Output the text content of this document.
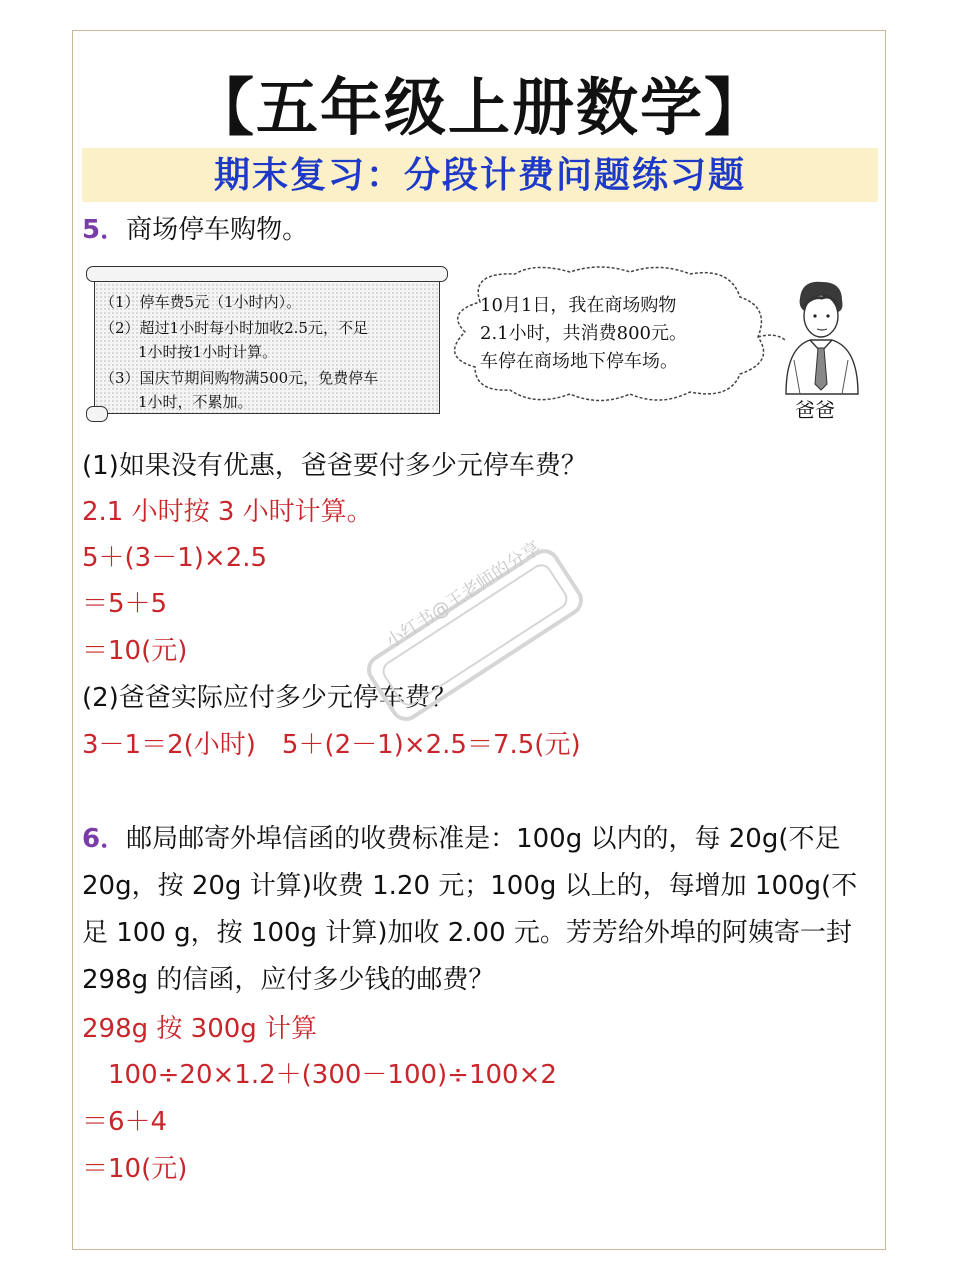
【五年级上册数学】
期末复习：分段计费问题练习题
5．商场停车购物。
（1）停车费5元（1小时内）。
（2）超过1小时每小时加收2.5元，不足
1小时按1小时计算。
（3）国庆节期间购物满500元，免费停车
1小时，不累加。
10月1日，我在商场购物
2.1小时，共消费800元。
车停在商场地下停车场。
爸爸
(1)如果没有优惠，爸爸要付多少元停车费？
2.1 小时按 3 小时计算。
5＋(3－1)×2.5
＝5＋5
＝10(元)
(2)爸爸实际应付多少元停车费？
3－1＝2(小时)　5＋(2－1)×2.5＝7.5(元)
6．邮局邮寄外埠信函的收费标准是：100g 以内的，每 20g(不足
20g，按 20g 计算)收费 1.20 元；100g 以上的，每增加 100g(不
足 100 g，按 100g 计算)加收 2.00 元。芳芳给外埠的阿姨寄一封
298g 的信函，应付多少钱的邮费？
298g 按 300g 计算
100÷20×1.2＋(300－100)÷100×2
＝6＋4
＝10(元)
小红书@王老师的分享
